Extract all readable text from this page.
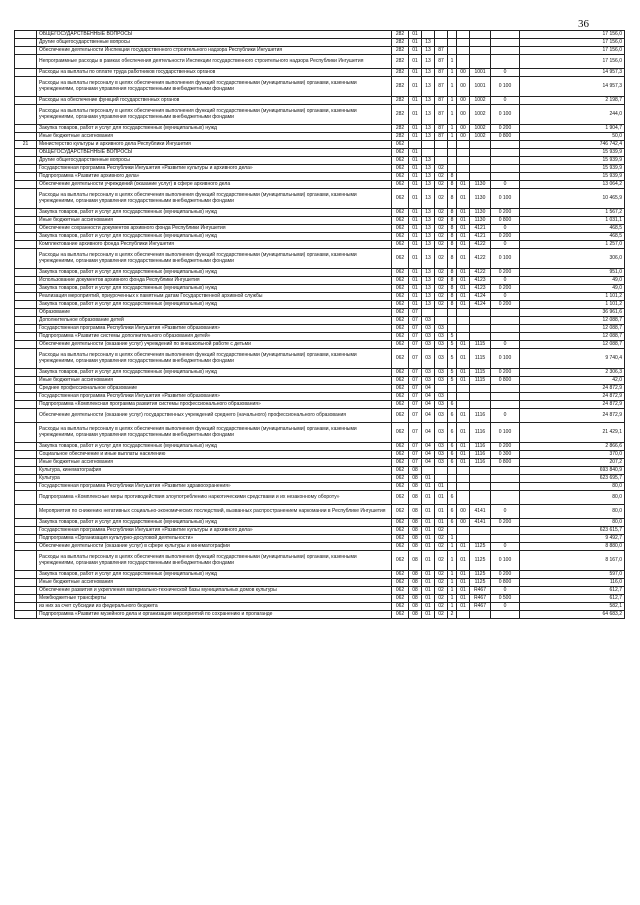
36
	ОБЩЕГОСУДАРСТВЕННЫЕ ВОПРОСЫ	282	01							17 156,0
	Другие общегосударственные вопросы	282	01	13						17 156,0
	Обеспечение деятельности Инспекции государственного строительного надзора Республики Ингушетия	282	01	13	87					17 156,0
	Непрограммные расходы в рамках обеспечения деятельности Инспекции государственного строительного надзора Республики Ингушетия	282	01	13	87	1				17 156,0
	Расходы на выплаты по оплате труда работников государственных органов	282	01	13	87	1	00	1001	0	14 957,3
	Расходы на выплаты персоналу в целях обеспечения выполнения функций государственными (муниципальными) органами, казенными учреждениями, органами управления государственными внебюджетными фондами	282	01	13	87	1	00	1001	0 100	14 957,3
	Расходы на обеспечение функций государственных органов	282	01	13	87	1	00	1002	0	2 198,7
	Расходы на выплаты персоналу в целях обеспечения выполнения функций государственными (муниципальными) органами, казенными учреждениями, органами управления государственными внебюджетными фондами	282	01	13	87	1	00	1002	0 100	244,0
	Закупка товаров, работ и услуг для государственных (муниципальных) нужд	282	01	13	87	1	00	1002	0 200	1 904,7
	Иные бюджетные ассигнования	282	01	13	87	1	00	1002	0 800	50,0
21	Министерство культуры и архивного дела Республики Ингушетия	062								746 742,4
	ОБЩЕГОСУДАРСТВЕННЫЕ ВОПРОСЫ	062	01							15 939,9
	Другие общегосударственные вопросы	062	01	13						15 939,9
	Государственная программа Республики Ингушетия «Развитие культуры и архивного дела»	062	01	13	02					15 939,9
	Подпрограмма «Развитие архивного дела»	062	01	13	02	8				15 939,9
	Обеспечение деятельности учреждений (оказание услуг) в сфере архивного дела	062	01	13	02	8	01	1130	0	13 064,2
	Расходы на выплаты персоналу в целях обеспечения выполнения функций государственными (муниципальными) органами, казенными учреждениями, органами управления государственными внебюджетными фондами	062	01	13	02	8	01	1130	0 100	10 465,9
	Закупка товаров, работ и услуг для государственных (муниципальных) нужд	062	01	13	02	8	01	1130	0 200	1 567,2
	Иные бюджетные ассигнования	062	01	13	02	8	01	1130	0 800	1 031,1
	Обеспечение сохранности документов архивного фонда Республики Ингушетия	062	01	13	02	8	01	4121	0	468,5
	Закупка товаров, работ и услуг для государственных (муниципальных) нужд	062	01	13	02	8	01	4121	0 200	468,5
	Комплектование архивного фонда Республики Ингушетия	062	01	13	02	8	01	4122	0	1 257,0
	Расходы на выплаты персоналу в целях обеспечения выполнения функций государственными (муниципальными) органами, казенными учреждениями, органами управления государственными внебюджетными фондами	062	01	13	02	8	01	4122	0 100	306,0
	Закупка товаров, работ и услуг для государственных (муниципальных) нужд	062	01	13	02	8	01	4122	0 200	951,0
	Использование документов архивного фонда Республики Ингушетия	062	01	13	02	8	01	4123	0	49,0
	Закупка товаров, работ и услуг для государственных (муниципальных) нужд	062	01	13	02	8	01	4123	0 200	49,0
	Реализация мероприятий, приуроченных к памятным датам Государственной архивной службы	062	01	13	02	8	01	4124	0	1 101,2
	Закупка товаров, работ и услуг для государственных (муниципальных) нужд	062	01	13	02	8	01	4124	0 200	1 101,2
	Образование	062	07							36 961,6
	Дополнительное образование детей	062	07	03						12 088,7
	Государственная программа Республики Ингушетия «Развитие образования»	062	07	03	03					12 088,7
	Подпрограмма «Развитие системы дополнительного образования детей»	062	07	03	03	5				12 088,7
	Обеспечение деятельности (оказание услуг) учреждений по внешкольной работе с детьми	062	07	03	03	5	01	1115	0	12 088,7
	Расходы на выплаты персоналу в целях обеспечения выполнения функций государственными (муниципальными) органами, казенными учреждениями, органами управления государственными внебюджетными фондами	062	07	03	03	5	01	1115	0 100	9 740,4
	Закупка товаров, работ и услуг для государственных (муниципальных) нужд	062	07	03	03	5	01	1115	0 200	2 306,3
	Иные бюджетные ассигнования	062	07	03	03	5	01	1115	0 800	42,0
	Среднее профессиональное образование	062	07	04						24 872,9
	Государственная программа Республики Ингушетия «Развитие образования»	062	07	04	03					24 872,9
	Подпрограмма «Комплексная программа развития системы профессионального образования»	062	07	04	03	6				24 872,9
	Обеспечение деятельности (оказание услуг) государственных учреждений среднего (начального) профессионального образования	062	07	04	03	6	01	1116	0	24 872,9
	Расходы на выплаты персоналу в целях обеспечения выполнения функций государственными (муниципальными) органами, казенными учреждениями, органами управления государственными внебюджетными фондами	062	07	04	03	6	01	1116	0 100	21 429,1
	Закупка товаров, работ и услуг для государственных (муниципальных) нужд	062	07	04	03	6	01	1116	0 200	2 866,6
	Социальное обеспечение и иные выплаты населению	062	07	04	03	6	01	1116	0 300	370,0
	Иные бюджетные ассигнования	062	07	04	03	6	01	1116	0 800	207,2
	Культура, кинематография	062	08							693 840,9
	Культура	062	08	01						623 695,7
	Государственная программа Республики Ингушетия «Развитие здравоохранения»	062	08	01	01					80,0
	Подпрограмма «Комплексные меры противодействия злоупотреблению наркотическими средствами и их незаконному обороту»	062	08	01	01	6				80,0
	Мероприятия по снижению негативных социально-экономических последствий, вызванных распространением наркомании в Республике Ингушетия	062	08	01	01	6	00	4141	0	80,0
	Закупка товаров, работ и услуг для государственных (муниципальных) нужд	062	08	01	01	6	00	4141	0 200	80,0
	Государственная программа Республики Ингушетия «Развитие культуры и архивного дела»	062	08	01	02					623 615,7
	Подпрограмма «Организация культурно-досуговой деятельности»	062	08	01	02	1				9 492,7
	Обеспечение деятельности (оказание услуг) в сфере культуры и кинематографии	062	08	01	02	1	01	1125	0	8 880,0
	Расходы на выплаты персоналу в целях обеспечения выполнения функций государственными (муниципальными) органами, казенными учреждениями, органами управления государственными внебюджетными фондами	062	08	01	02	1	01	1125	0 100	8 167,0
	Закупка товаров, работ и услуг для государственных (муниципальных) нужд	062	08	01	02	1	01	1125	0 200	597,0
	Иные бюджетные ассигнования	062	08	01	02	1	01	1125	0 800	116,0
	Обеспечение развития и укрепления материально-технической базы муниципальных домов культуры	062	08	01	02	1	01	R467	0	612,7
	Межбюджетные трансферты	062	08	01	02	1	01	R467	0 500	612,7
	из них за счет субсидии из федерального бюджета	062	08	01	02	1	01	R467	0	582,1
	Подпрограмма «Развитие музейного дела и организация мероприятий по сохранению и пропаганде	062	08	01	02	2				64 683,2
